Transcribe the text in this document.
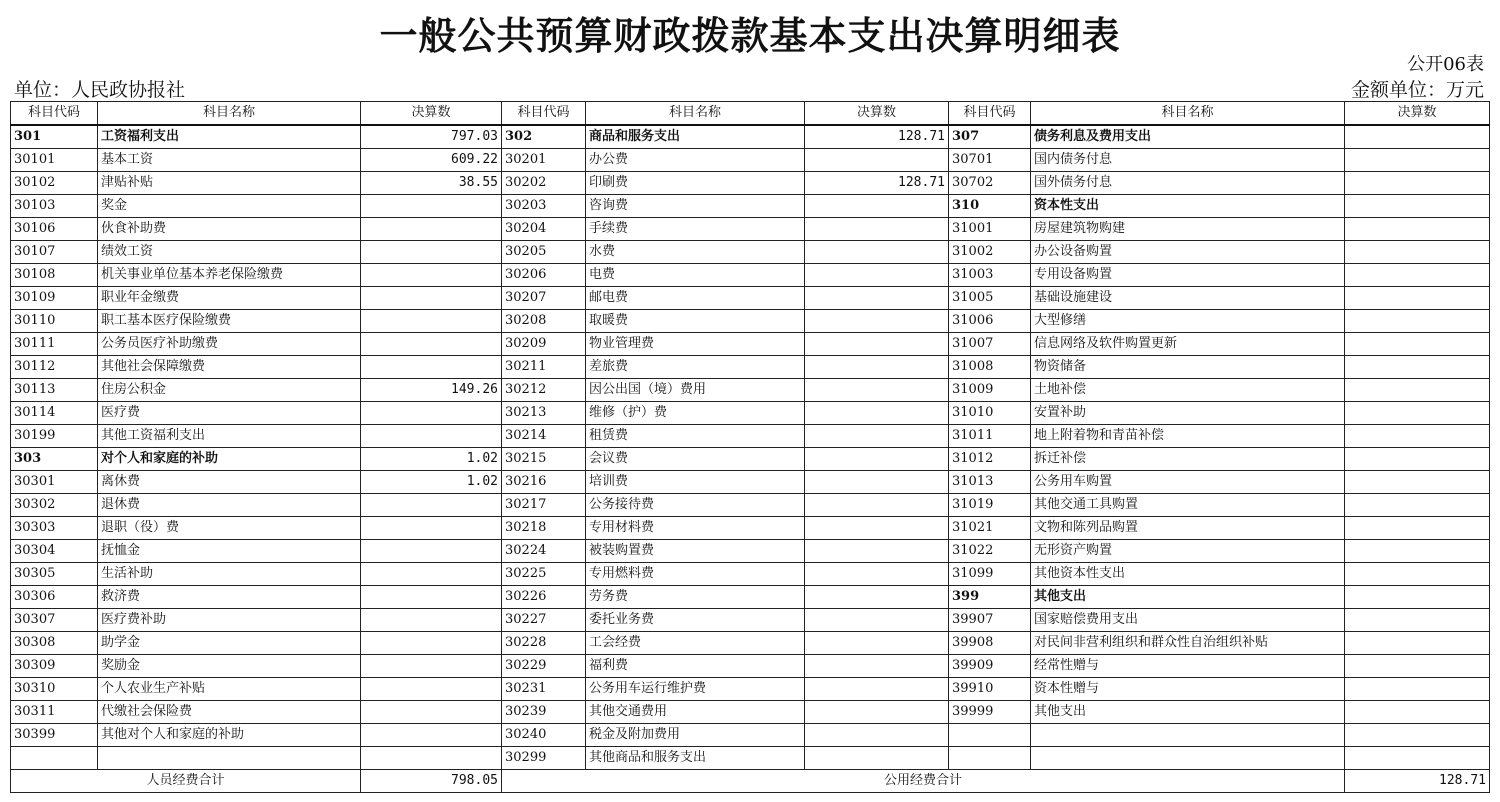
一般公共预算财政拨款基本支出决算明细表
公开06表
单位：人民政协报社	金额单位：万元
科目代码	科目名称	决算数	科目代码	科目名称	决算数	科目代码	科目名称	决算数
301	工资福利支出	797.03	302	商品和服务支出	128.71	307	债务利息及费用支出	
30101	基本工资	609.22	30201	办公费		30701	国内债务付息	
30102	津贴补贴	38.55	30202	印刷费	128.71	30702	国外债务付息	
30103	奖金		30203	咨询费		310	资本性支出	
30106	伙食补助费		30204	手续费		31001	房屋建筑物购建	
30107	绩效工资		30205	水费		31002	办公设备购置	
30108	机关事业单位基本养老保险缴费		30206	电费		31003	专用设备购置	
30109	职业年金缴费		30207	邮电费		31005	基础设施建设	
30110	职工基本医疗保险缴费		30208	取暖费		31006	大型修缮	
30111	公务员医疗补助缴费		30209	物业管理费		31007	信息网络及软件购置更新	
30112	其他社会保障缴费		30211	差旅费		31008	物资储备	
30113	住房公积金	149.26	30212	因公出国（境）费用		31009	土地补偿	
30114	医疗费		30213	维修（护）费		31010	安置补助	
30199	其他工资福利支出		30214	租赁费		31011	地上附着物和青苗补偿	
303	对个人和家庭的补助	1.02	30215	会议费		31012	拆迁补偿	
30301	离休费	1.02	30216	培训费		31013	公务用车购置	
30302	退休费		30217	公务接待费		31019	其他交通工具购置	
30303	退职（役）费		30218	专用材料费		31021	文物和陈列品购置	
30304	抚恤金		30224	被装购置费		31022	无形资产购置	
30305	生活补助		30225	专用燃料费		31099	其他资本性支出	
30306	救济费		30226	劳务费		399	其他支出	
30307	医疗费补助		30227	委托业务费		39907	国家赔偿费用支出	
30308	助学金		30228	工会经费		39908	对民间非营利组织和群众性自治组织补贴	
30309	奖励金		30229	福利费		39909	经常性赠与	
30310	个人农业生产补贴		30231	公务用车运行维护费		39910	资本性赠与	
30311	代缴社会保险费		30239	其他交通费用		39999	其他支出	
30399	其他对个人和家庭的补助		30240	税金及附加费用				
			30299	其他商品和服务支出				
人员经费合计		798.05	公用经费合计					128.71
